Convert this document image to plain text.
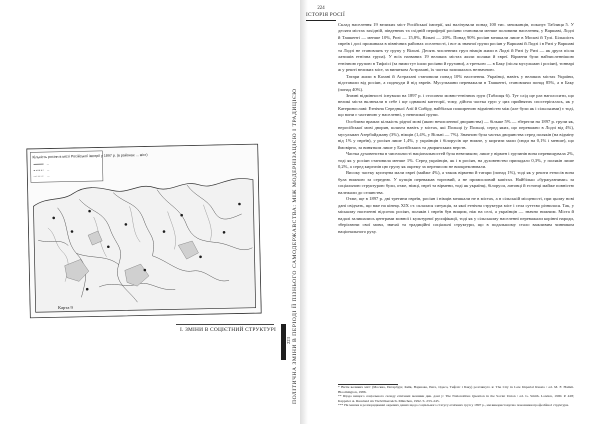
Кількість росіян в місті Російської імперії у 1897 р. (в районах ... міст)
...
...
...
Карта 9
I. ЗМІНИ В СОЦІЄТНИЙ СТРУКТУРІ	ПОЛІТИЧНА ЗМІНИ В ПЕРІОДІ ЇЇ ПІЗНЬОГО САМОДЕРЖАВСТВА: МІЖ МОДЕРНІЗАЦІЄЮ І ТРАДИЦІЄЮ
223
224
ІСТОРІЯ РОСІЇ

Склад населення 19 великих міст Російської імперії, які налічували понад 100 тис. мешканців, показує Таблиця 5. У десяти містах західній, південних та східній периферії росіяни становили менше половини населення, у Варшаві, Лодзі й Ташкенті — менше 10%, Ризі — 15,8%, Вільні — 20%. Понад 90% росіян мешкали лише в Москві й Тулі. Більшість євреїв і досі проживала в північних районах оселеності, і все ж значної групи росіян у Варшаві й Лодзі і в Ризі у Варшаві та Лодзі не становлять ту групу у Вільні. Десять численних груп німців жили в Лодзі й Ризі (у Ризі — як друга після латишів етнічна група). У всіх названих 19 великих містах жили поляки й євреї. Вірмени були найчисленнішою етнічною групою в Тифлісі (за ними тут ішли росіяни й грузини), а третьою — в Баку (після мусульман і росіян), тоннарі ж у решті великих міст, за винятком Астрахані, їх частка залишалась незначною.

Татари жили в Казані й Астрахані становили понад 10% населення. Українці, навіть у великих містах України, відставали від росіян, а подекуди й від євреїв. Мусульмани переважали в Ташкенті, становлячи понад 85%, а в Баку (понад 40%).

Значні відмінності існували на 1897 р. і стосовно мовно-етнічних груп (Таблиця 6). Тут слід ще раз наголосити, що великі міста включали в себе і ще однакові категорії, тому, дійсна частка груп у цих прийнятих спостерігалась, як у Катеринославі: Етнічна Середньої Азії й Сибіру, найбільш поширеною відмінністю між (але були як і сільськими) є тоді, що вони є частиною у населенні, у невеликої групи.

Особливо вражає кількість рідної мові (якою нечисленної дворянства) — більше 5% — зберегли на 1897 р. групи як, неросійської мові дворян, шляхта навіть у містах, які Польщі (у Польщі, серед яких, що переважно в Лодзі від 4%), мусульман Азербайджану (3%), німців (1,4%, у Вільні — 7%). Значною була частка дворянства серед поляків (на відміну від 1% у євреїв), у росіян лише 1,4%, у українців і білорусів ще нижче, у киргизи мали (сюди на 0,1% і менше), що ймовірно, за винятком лише у Балтійських та дворянських верств.

Частка духовенства в чисельності національностей була невеликою; лише у вірмен і грузинів вона перевищувала 2%, тоді як у росіян становила менше 1%. Серед українців, як і в росіян, на духовенство припадало 0,3%, у поляків лише 0,2%, а серед киргизів цю групу як окрему за переписом не виокремлювали.

Високу частку купецтва мали євреї (майже 4%), а також вірмени й татари (понад 1%), тоді як у решти етносів вона була нижчою за середню. У купців переважав торговий, а не промисловий капітал. Найбільш «буржуазними» за соціальною структурою були, отже, німці, євреї та вірмени, тоді як українці, білоруси, литовці й естонці майже повністю належали до селянства.

Отже, ще в 1897 р. дві третини євреїв, росіян і німців мешкали не в містах, а в сільській місцевості, при цьому нові дані свідчать, що вже на кінець XIX ст. склалася ситуація, за якої етнічна структура міст і села суттєво різнилася. Так, у міському населенні відсоток росіян, поляків і євреїв був вищим, ніж на селі, а українців — значно нижчим. Міста й надалі залишались центрами мовної і культурної русифікації, тоді як у сільському населенні переважали корінні народи, зберігаючи свої мови, звичаї та традиційні соціальні структури, що в подальшому стало важливим чинником національного руху.

* Вісім великих міст (Москва, Петербург, Київ, Варшава, Рига, Одеса, Тифліс і Баку) розглянуто в: The City in Late Imperial Russia / ed. M. F. Hamm. Bloomington, 1986.

** Щодо вищого соціального складу етнічних меншин див. дані у: The Nationalities Question in the Soviet Union / ed. G. Smith. London, 1990. P. 428; Kappeler A. Russland als Vielvölkerreich. München, 1992. S. 233–245.

*** Не маючи в розпорядженні окремих даних щодо соціального статусу етнічних груп у 1897 р., ми використовуємо показники професійної структури.
